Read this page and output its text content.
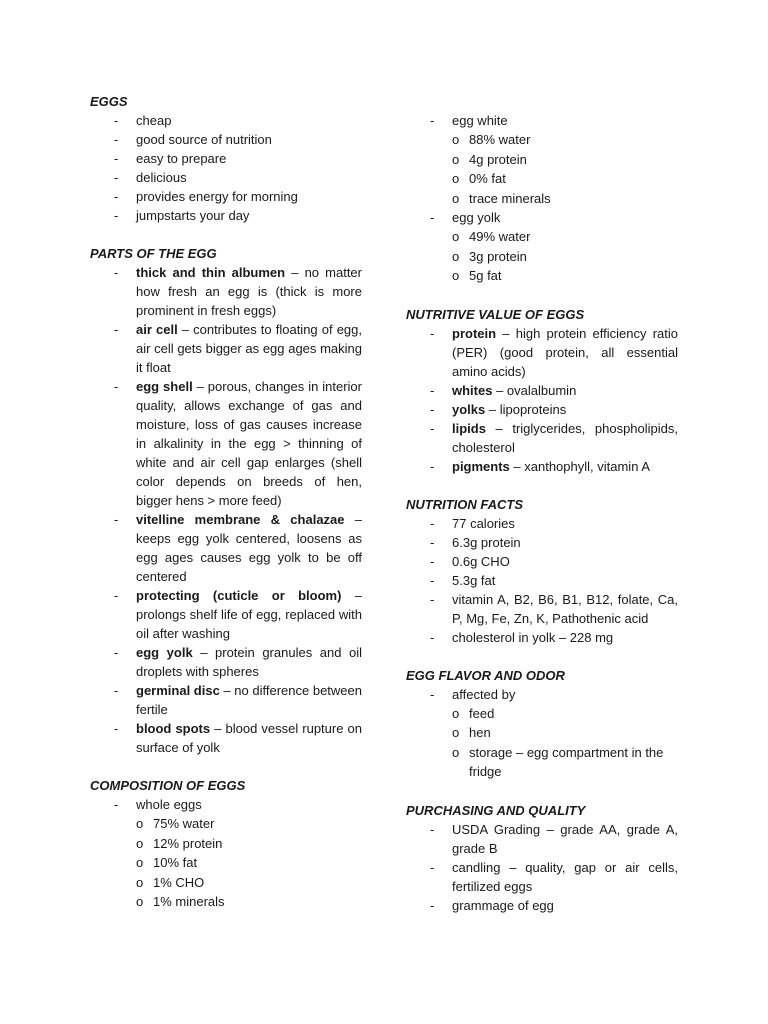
EGGS

- cheap
- good source of nutrition
- easy to prepare
- delicious
- provides energy for morning
- jumpstarts your day

PARTS OF THE EGG

- thick and thin albumen – no matter how fresh an egg is (thick is more prominent in fresh eggs)
- air cell – contributes to floating of egg, air cell gets bigger as egg ages making it float
- egg shell – porous, changes in interior quality, allows exchange of gas and moisture, loss of gas causes increase in alkalinity in the egg > thinning of white and air cell gap enlarges (shell color depends on breeds of hen, bigger hens > more feed)
- vitelline membrane & chalazae – keeps egg yolk centered, loosens as egg ages causes egg yolk to be off centered
- protecting (cuticle or bloom) – prolongs shelf life of egg, replaced with oil after washing
- egg yolk – protein granules and oil droplets with spheres
- germinal disc – no difference between fertile
- blood spots – blood vessel rupture on surface of yolk

COMPOSITION OF EGGS

- whole eggs
o 75% water
o 12% protein
o 10% fat
o 1% CHO
o 1% minerals
- egg white
o 88% water
o 4g protein
o 0% fat
o trace minerals
- egg yolk
o 49% water
o 3g protein
o 5g fat

NUTRITIVE VALUE OF EGGS

- protein – high protein efficiency ratio (PER) (good protein, all essential amino acids)
- whites – ovalalbumin
- yolks – lipoproteins
- lipids – triglycerides, phospholipids, cholesterol
- pigments – xanthophyll, vitamin A

NUTRITION FACTS

- 77 calories
- 6.3g protein
- 0.6g CHO
- 5.3g fat
- vitamin A, B2, B6, B1, B12, folate, Ca, P, Mg, Fe, Zn, K, Pathothenic acid
- cholesterol in yolk – 228 mg

EGG FLAVOR AND ODOR

- affected by
o feed
o hen
o storage – egg compartment in the fridge

PURCHASING AND QUALITY

- USDA Grading – grade AA, grade A, grade B
- candling – quality, gap or air cells, fertilized eggs
- grammage of egg
